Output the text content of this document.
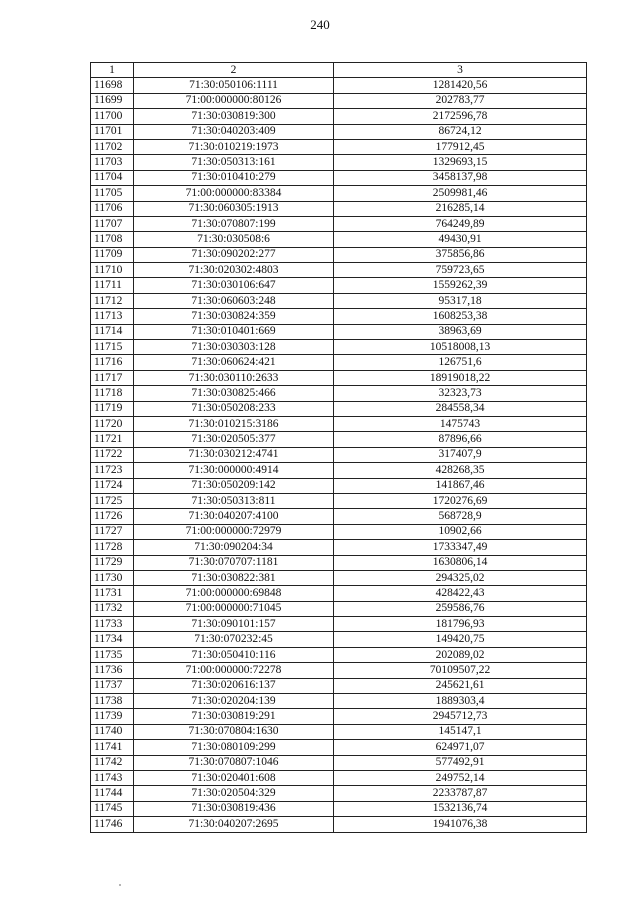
240
1	2	3
11698	71:30:050106:1111	1281420,56
11699	71:00:000000:80126	202783,77
11700	71:30:030819:300	2172596,78
11701	71:30:040203:409	86724,12
11702	71:30:010219:1973	177912,45
11703	71:30:050313:161	1329693,15
11704	71:30:010410:279	3458137,98
11705	71:00:000000:83384	2509981,46
11706	71:30:060305:1913	216285,14
11707	71:30:070807:199	764249,89
11708	71:30:030508:6	49430,91
11709	71:30:090202:277	375856,86
11710	71:30:020302:4803	759723,65
11711	71:30:030106:647	1559262,39
11712	71:30:060603:248	95317,18
11713	71:30:030824:359	1608253,38
11714	71:30:010401:669	38963,69
11715	71:30:030303:128	10518008,13
11716	71:30:060624:421	126751,6
11717	71:30:030110:2633	18919018,22
11718	71:30:030825:466	32323,73
11719	71:30:050208:233	284558,34
11720	71:30:010215:3186	1475743
11721	71:30:020505:377	87896,66
11722	71:30:030212:4741	317407,9
11723	71:30:000000:4914	428268,35
11724	71:30:050209:142	141867,46
11725	71:30:050313:811	1720276,69
11726	71:30:040207:4100	568728,9
11727	71:00:000000:72979	10902,66
11728	71:30:090204:34	1733347,49
11729	71:30:070707:1181	1630806,14
11730	71:30:030822:381	294325,02
11731	71:00:000000:69848	428422,43
11732	71:00:000000:71045	259586,76
11733	71:30:090101:157	181796,93
11734	71:30:070232:45	149420,75
11735	71:30:050410:116	202089,02
11736	71:00:000000:72278	70109507,22
11737	71:30:020616:137	245621,61
11738	71:30:020204:139	1889303,4
11739	71:30:030819:291	2945712,73
11740	71:30:070804:1630	145147,1
11741	71:30:080109:299	624971,07
11742	71:30:070807:1046	577492,91
11743	71:30:020401:608	249752,14
11744	71:30:020504:329	2233787,87
11745	71:30:030819:436	1532136,74
11746	71:30:040207:2695	1941076,38
